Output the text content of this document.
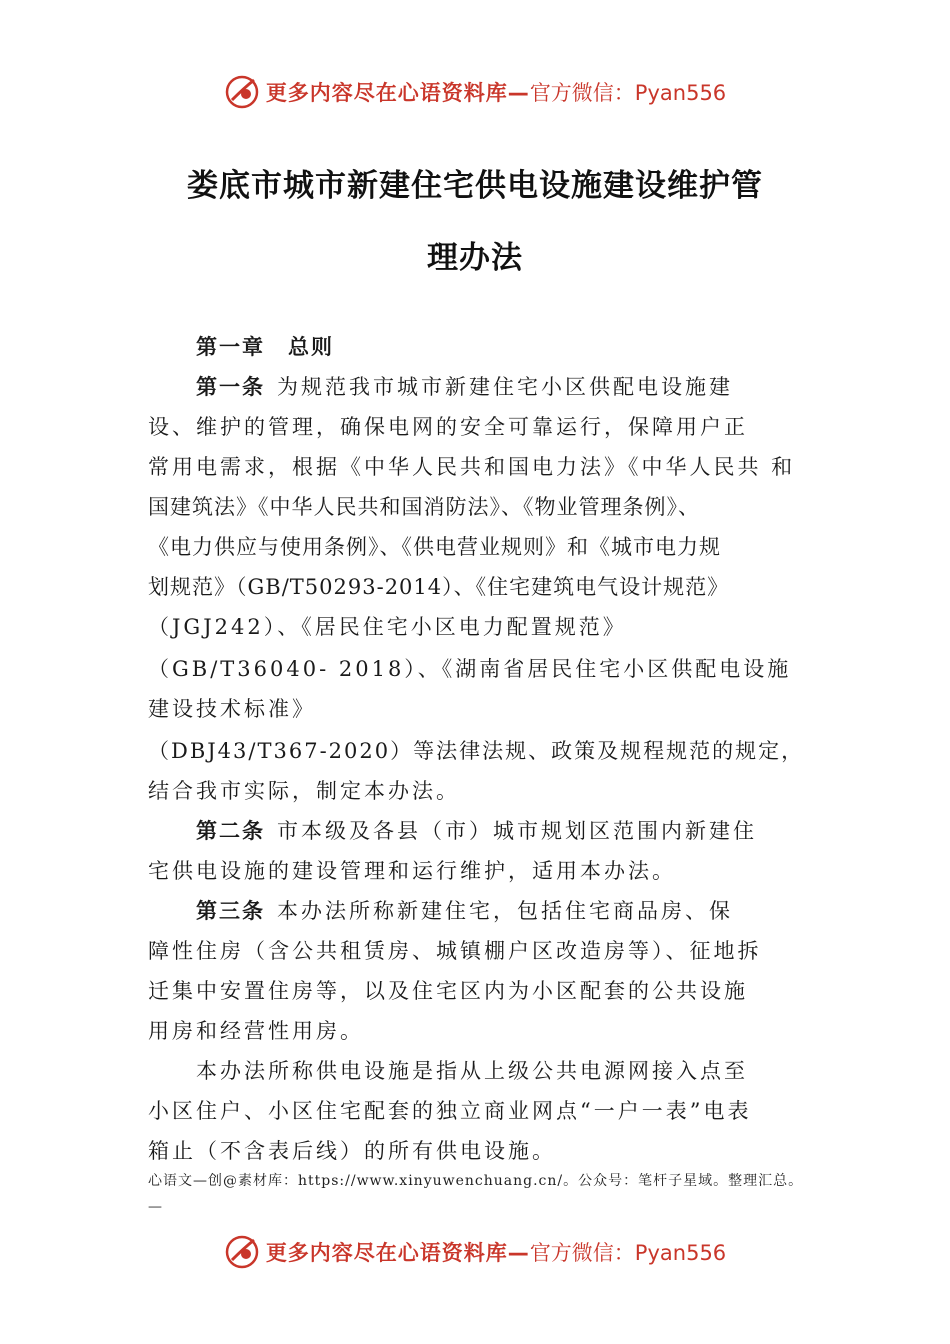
更多内容尽在心语资料库— 官方微信：Pyan556
娄底市城市新建住宅供电设施建设维护管
理办法
第一章　总则
第一条 为规范我市城市新建住宅小区供配电设施建
设、维护的管理，确保电网的安全可靠运行，保障用户正
常用电需求，根据《中华人民共和国电力法》《中华人民共 和
国建筑法》《中华人民共和国消防法》、《物业管理条例》、
《电力供应与使用条例》、《供电营业规则》和《城市电力规
划规范》（GB/T50293-2014）、《住宅建筑电气设计规范》
（JGJ242）、《居民住宅小区电力配置规范》
（GB/T36040- 2018）、《湖南省居民住宅小区供配电设施
建设技术标准》
（DBJ43/T367-2020）等法律法规、政策及规程规范的规定，
结合我市实际，制定本办法。
第二条 市本级及各县（市）城市规划区范围内新建住
宅供电设施的建设管理和运行维护，适用本办法。
第三条 本办法所称新建住宅，包括住宅商品房、保
障性住房（含公共租赁房、城镇棚户区改造房等）、征地拆
迁集中安置住房等，以及住宅区内为小区配套的公共设施
用房和经营性用房。
本办法所称供电设施是指从上级公共电源网接入点至
小区住户、小区住宅配套的独立商业网点“一户一表”电表
箱止（不含表后线）的所有供电设施。
心语文—创@素材库：https://www.xinyuwenchuang.cn/。公众号：笔杆子星域。整理汇总。
—
更多内容尽在心语资料库— 官方微信：Pyan556
